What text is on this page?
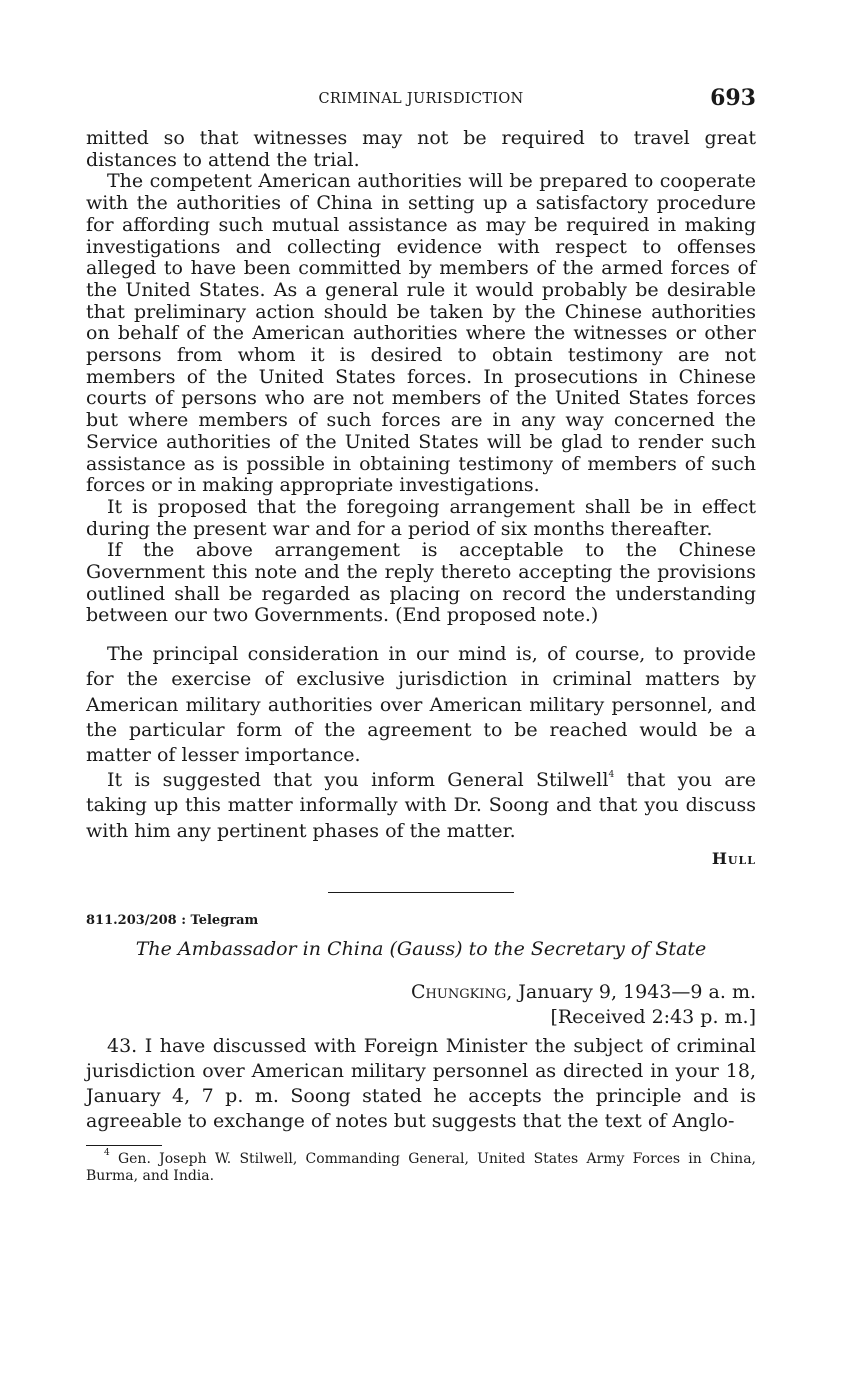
CRIMINAL JURISDICTION	693

mitted so that witnesses may not be required to travel great distances to attend the trial.

The competent American authorities will be prepared to cooperate with the authorities of China in setting up a satisfactory procedure for affording such mutual assistance as may be required in making investigations and collecting evidence with respect to offenses alleged to have been committed by members of the armed forces of the United States. As a general rule it would probably be desirable that preliminary action should be taken by the Chinese authorities on behalf of the American authorities where the witnesses or other persons from whom it is desired to obtain testimony are not members of the United States forces. In prosecutions in Chinese courts of persons who are not members of the United States forces but where members of such forces are in any way concerned the Service authorities of the United States will be glad to render such assistance as is possible in obtaining testimony of members of such forces or in making appropriate investigations.

It is proposed that the foregoing arrangement shall be in effect during the present war and for a period of six months thereafter.

If the above arrangement is acceptable to the Chinese Government this note and the reply thereto accepting the provisions outlined shall be regarded as placing on record the understanding between our two Governments. (End proposed note.)

The principal consideration in our mind is, of course, to provide for the exercise of exclusive jurisdiction in criminal matters by American military authorities over American military personnel, and the particular form of the agreement to be reached would be a matter of lesser importance.

It is suggested that you inform General Stilwell$^4$ that you are taking up this matter informally with Dr. Soong and that you discuss with him any pertinent phases of the matter.

Hull
811.203/208 : Telegram
The Ambassador in China (Gauss) to the Secretary of State

Chungking, January 9, 1943—9 a. m.

[Received 2:43 p. m.]

43. I have discussed with Foreign Minister the subject of criminal jurisdiction over American military personnel as directed in your 18, January 4, 7 p. m. Soong stated he accepts the principle and is agreeable to exchange of notes but suggests that the text of Anglo-

$^4$ Gen. Joseph W. Stilwell, Commanding General, United States Army Forces in China, Burma, and India.
